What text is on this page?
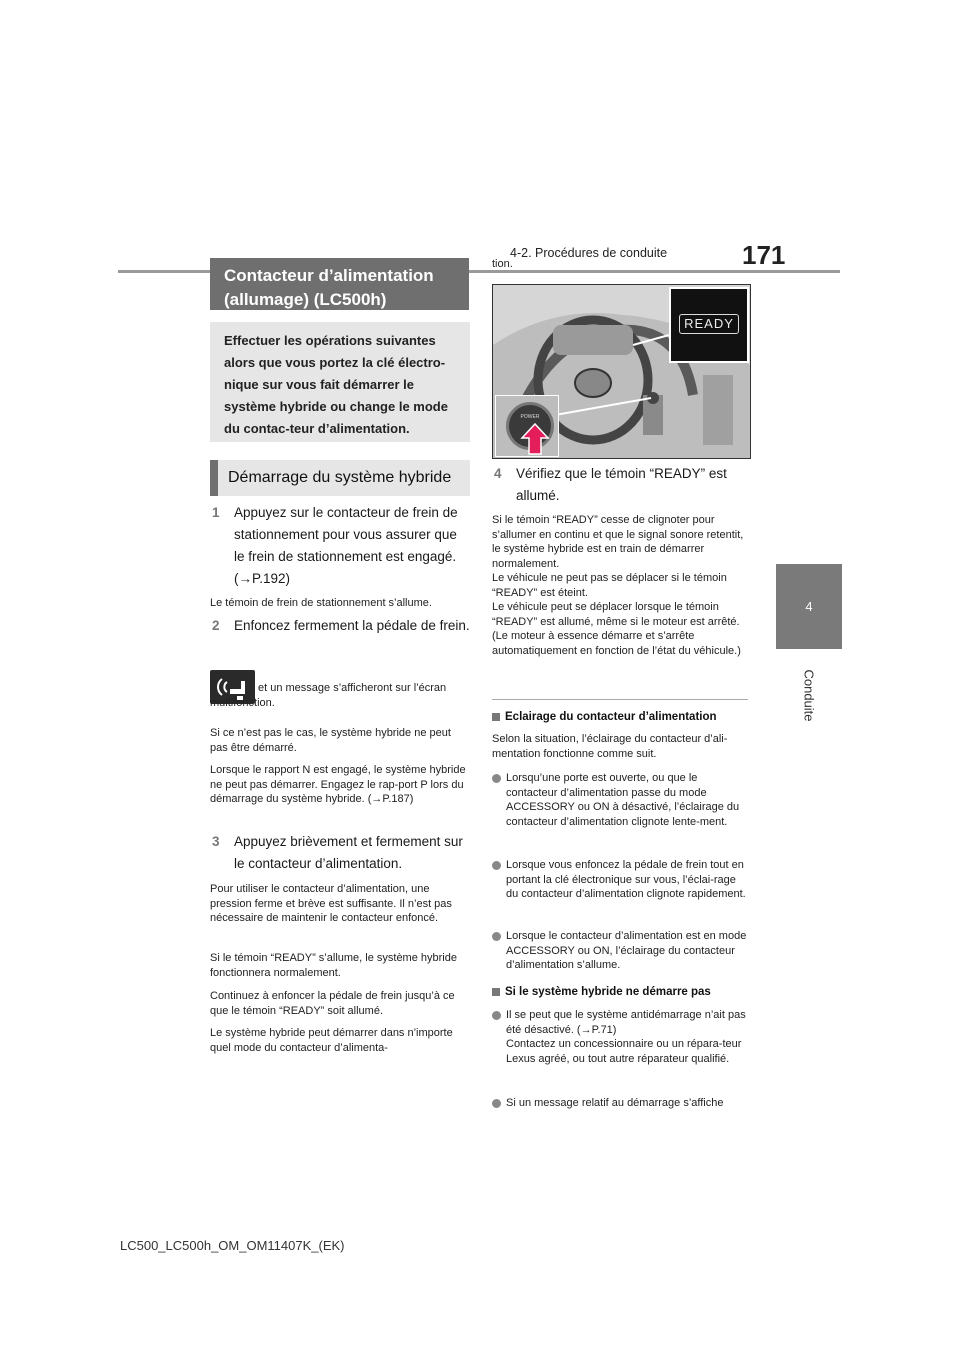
4-2. Procédures de conduite	171
4
Conduite
Contacteur d’alimentation (allumage) (LC500h)
Effectuer les opérations suivantes alors que vous portez la clé électro-nique sur vous fait démarrer le système hybride ou change le mode du contac-teur d’alimentation.
Démarrage du système hybride
1 Appuyez sur le contacteur de frein de stationnement pour vous assurer que le frein de stationnement est engagé. (→P.192)
Le témoin de frein de stationnement s’allume.
2 Enfoncez fermement la pédale de frein.
et un message s’afficheront sur l’écran multifonction.
Si ce n’est pas le cas, le système hybride ne peut pas être démarré.
Lorsque le rapport N est engagé, le système hybride ne peut pas démarrer. Engagez le rap-port P lors du démarrage du système hybride. (→P.187)
3 Appuyez brièvement et fermement sur le contacteur d’alimentation.
Pour utiliser le contacteur d’alimentation, une pression ferme et brève est suffisante. Il n’est pas nécessaire de maintenir le contacteur enfoncé.
Si le témoin “READY” s’allume, le système hybride fonctionnera normalement.
Continuez à enfoncer la pédale de frein jusqu’à ce que le témoin “READY” soit allumé.
Le système hybride peut démarrer dans n’importe quel mode du contacteur d’alimenta-
tion.
READY
POWER
4 Vérifiez que le témoin “READY” est allumé.
Si le témoin “READY” cesse de clignoter pour s’allumer en continu et que le signal sonore retentit, le système hybride est en train de démarrer normalement.
Le véhicule ne peut pas se déplacer si le témoin “READY” est éteint.
Le véhicule peut se déplacer lorsque le témoin “READY” est allumé, même si le moteur est arrêté. (Le moteur à essence démarre et s’arrête automatiquement en fonction de l’état du véhicule.)
Eclairage du contacteur d’alimentation
Selon la situation, l’éclairage du contacteur d’ali-mentation fonctionne comme suit.
Lorsqu’une porte est ouverte, ou que le contacteur d’alimentation passe du mode ACCESSORY ou ON à désactivé, l’éclairage du contacteur d’alimentation clignote lente-ment.
Lorsque vous enfoncez la pédale de frein tout en portant la clé électronique sur vous, l’éclai-rage du contacteur d’alimentation clignote rapidement.
Lorsque le contacteur d’alimentation est en mode ACCESSORY ou ON, l’éclairage du contacteur d’alimentation s’allume.
Si le système hybride ne démarre pas
Il se peut que le système antidémarrage n’ait pas été désactivé. (→P.71)
Contactez un concessionnaire ou un répara-teur Lexus agréé, ou tout autre réparateur qualifié.
Si un message relatif au démarrage s’affiche
LC500_LC500h_OM_OM11407K_(EK)
